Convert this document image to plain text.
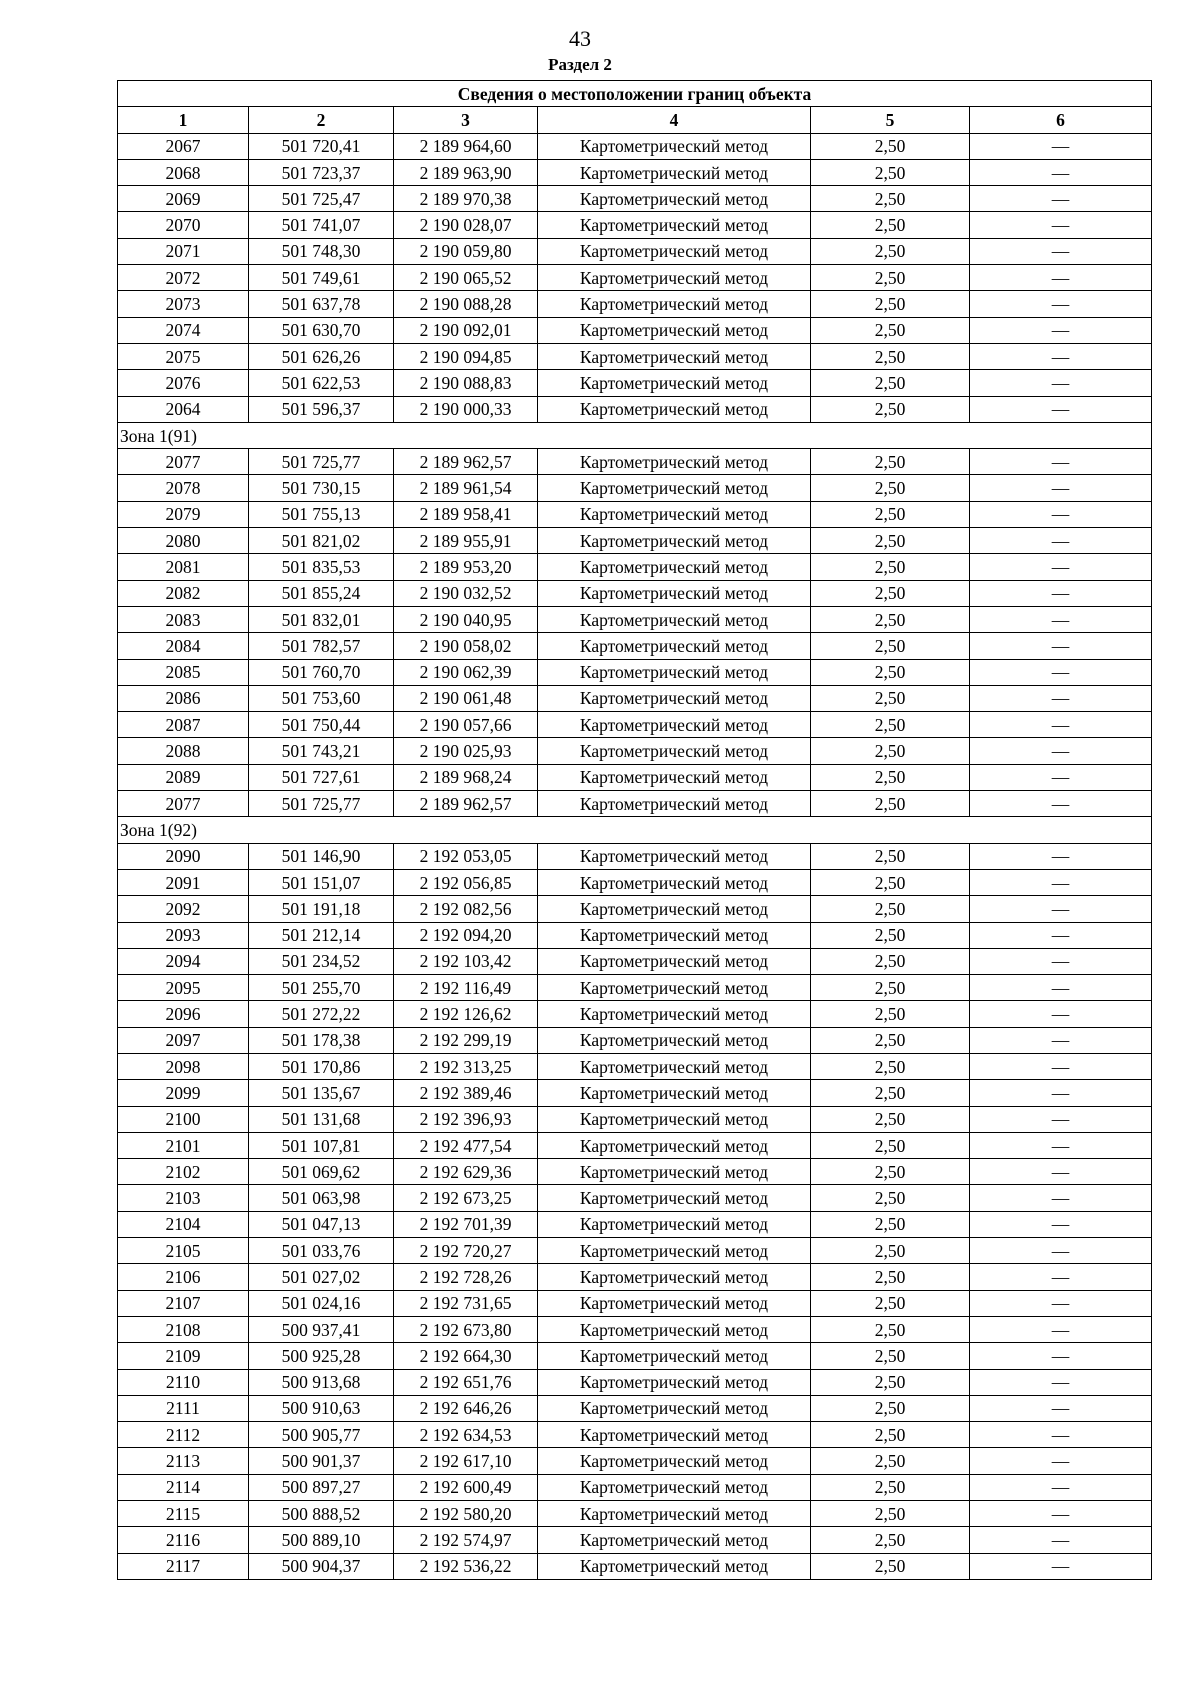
43
Раздел 2
Сведения о местоположении границ объекта					
1	2	3	4	5	6
2067	501 720,41	2 189 964,60	Картометрический метод	2,50	—
2068	501 723,37	2 189 963,90	Картометрический метод	2,50	—
2069	501 725,47	2 189 970,38	Картометрический метод	2,50	—
2070	501 741,07	2 190 028,07	Картометрический метод	2,50	—
2071	501 748,30	2 190 059,80	Картометрический метод	2,50	—
2072	501 749,61	2 190 065,52	Картометрический метод	2,50	—
2073	501 637,78	2 190 088,28	Картометрический метод	2,50	—
2074	501 630,70	2 190 092,01	Картометрический метод	2,50	—
2075	501 626,26	2 190 094,85	Картометрический метод	2,50	—
2076	501 622,53	2 190 088,83	Картометрический метод	2,50	—
2064	501 596,37	2 190 000,33	Картометрический метод	2,50	—
Зона 1(91)					
2077	501 725,77	2 189 962,57	Картометрический метод	2,50	—
2078	501 730,15	2 189 961,54	Картометрический метод	2,50	—
2079	501 755,13	2 189 958,41	Картометрический метод	2,50	—
2080	501 821,02	2 189 955,91	Картометрический метод	2,50	—
2081	501 835,53	2 189 953,20	Картометрический метод	2,50	—
2082	501 855,24	2 190 032,52	Картометрический метод	2,50	—
2083	501 832,01	2 190 040,95	Картометрический метод	2,50	—
2084	501 782,57	2 190 058,02	Картометрический метод	2,50	—
2085	501 760,70	2 190 062,39	Картометрический метод	2,50	—
2086	501 753,60	2 190 061,48	Картометрический метод	2,50	—
2087	501 750,44	2 190 057,66	Картометрический метод	2,50	—
2088	501 743,21	2 190 025,93	Картометрический метод	2,50	—
2089	501 727,61	2 189 968,24	Картометрический метод	2,50	—
2077	501 725,77	2 189 962,57	Картометрический метод	2,50	—
Зона 1(92)					
2090	501 146,90	2 192 053,05	Картометрический метод	2,50	—
2091	501 151,07	2 192 056,85	Картометрический метод	2,50	—
2092	501 191,18	2 192 082,56	Картометрический метод	2,50	—
2093	501 212,14	2 192 094,20	Картометрический метод	2,50	—
2094	501 234,52	2 192 103,42	Картометрический метод	2,50	—
2095	501 255,70	2 192 116,49	Картометрический метод	2,50	—
2096	501 272,22	2 192 126,62	Картометрический метод	2,50	—
2097	501 178,38	2 192 299,19	Картометрический метод	2,50	—
2098	501 170,86	2 192 313,25	Картометрический метод	2,50	—
2099	501 135,67	2 192 389,46	Картометрический метод	2,50	—
2100	501 131,68	2 192 396,93	Картометрический метод	2,50	—
2101	501 107,81	2 192 477,54	Картометрический метод	2,50	—
2102	501 069,62	2 192 629,36	Картометрический метод	2,50	—
2103	501 063,98	2 192 673,25	Картометрический метод	2,50	—
2104	501 047,13	2 192 701,39	Картометрический метод	2,50	—
2105	501 033,76	2 192 720,27	Картометрический метод	2,50	—
2106	501 027,02	2 192 728,26	Картометрический метод	2,50	—
2107	501 024,16	2 192 731,65	Картометрический метод	2,50	—
2108	500 937,41	2 192 673,80	Картометрический метод	2,50	—
2109	500 925,28	2 192 664,30	Картометрический метод	2,50	—
2110	500 913,68	2 192 651,76	Картометрический метод	2,50	—
2111	500 910,63	2 192 646,26	Картометрический метод	2,50	—
2112	500 905,77	2 192 634,53	Картометрический метод	2,50	—
2113	500 901,37	2 192 617,10	Картометрический метод	2,50	—
2114	500 897,27	2 192 600,49	Картометрический метод	2,50	—
2115	500 888,52	2 192 580,20	Картометрический метод	2,50	—
2116	500 889,10	2 192 574,97	Картометрический метод	2,50	—
2117	500 904,37	2 192 536,22	Картометрический метод	2,50	—
